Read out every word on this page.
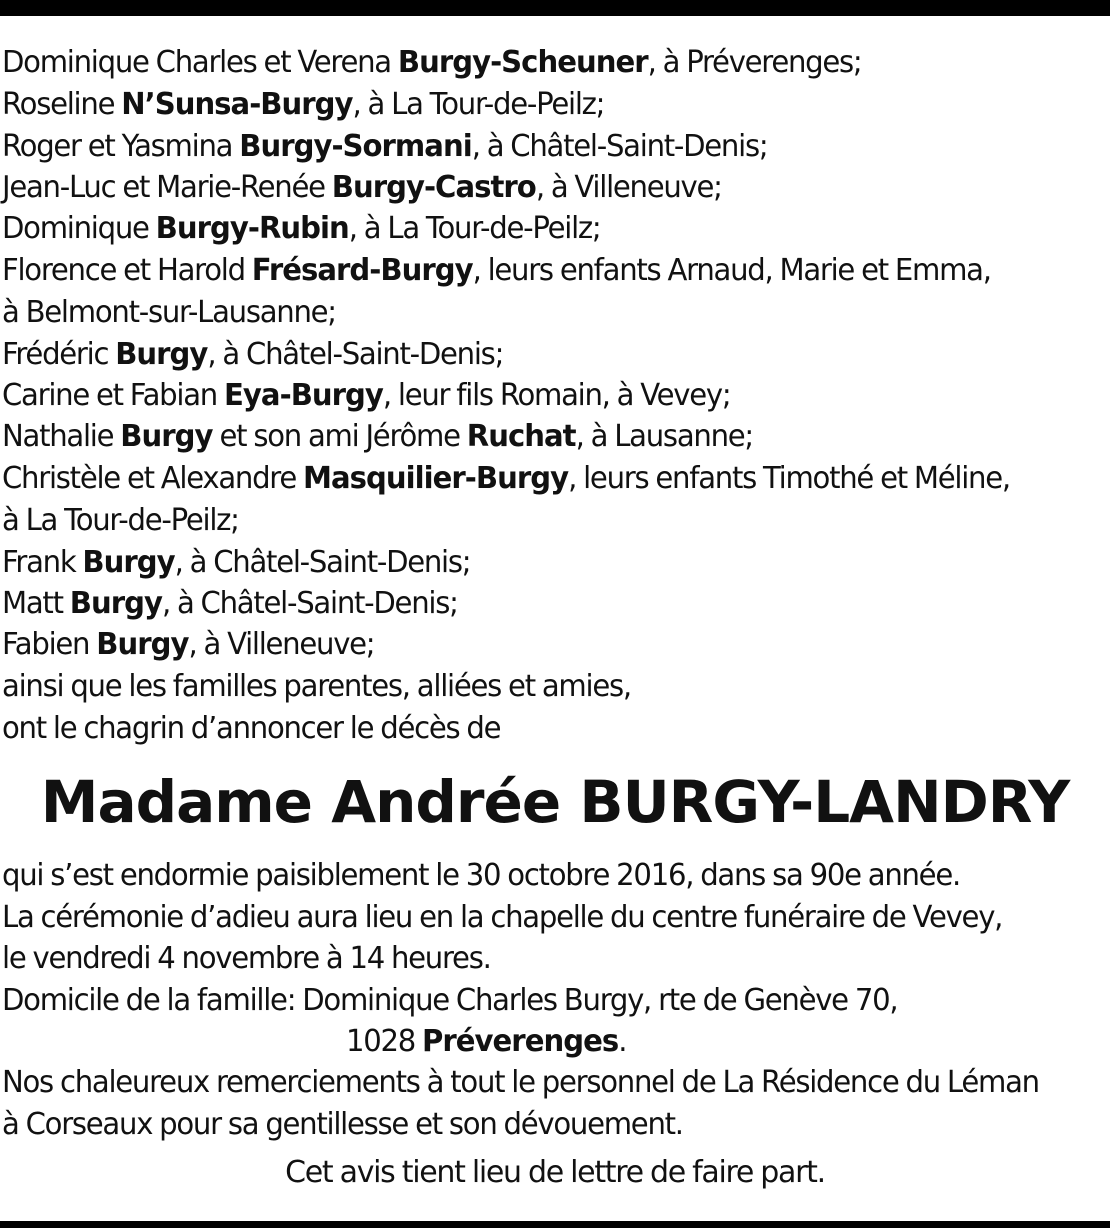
Dominique Charles et Verena Burgy-Scheuner, à Préverenges;
Roseline N’Sunsa-Burgy, à La Tour-de-Peilz;
Roger et Yasmina Burgy-Sormani, à Châtel-Saint-Denis;
Jean-Luc et Marie-Renée Burgy-Castro, à Villeneuve;
Dominique Burgy-Rubin, à La Tour-de-Peilz;
Florence et Harold Frésard-Burgy, leurs enfants Arnaud, Marie et Emma,
à Belmont-sur-Lausanne;
Frédéric Burgy, à Châtel-Saint-Denis;
Carine et Fabian Eya-Burgy, leur fils Romain, à Vevey;
Nathalie Burgy et son ami Jérôme Ruchat, à Lausanne;
Christèle et Alexandre Masquilier-Burgy, leurs enfants Timothé et Méline,
à La Tour-de-Peilz;
Frank Burgy, à Châtel-Saint-Denis;
Matt Burgy, à Châtel-Saint-Denis;
Fabien Burgy, à Villeneuve;
ainsi que les familles parentes, alliées et amies,
ont le chagrin d’annoncer le décès de
Madame Andrée BURGY-LANDRY
qui s’est endormie paisiblement le 30 octobre 2016, dans sa 90e année.
La cérémonie d’adieu aura lieu en la chapelle du centre funéraire de Vevey,
le vendredi 4 novembre à 14 heures.
Domicile de la famille: Dominique Charles Burgy, rte de Genève 70,
1028 Préverenges.
Nos chaleureux remerciements à tout le personnel de La Résidence du Léman
à Corseaux pour sa gentillesse et son dévouement.
Cet avis tient lieu de lettre de faire part.
